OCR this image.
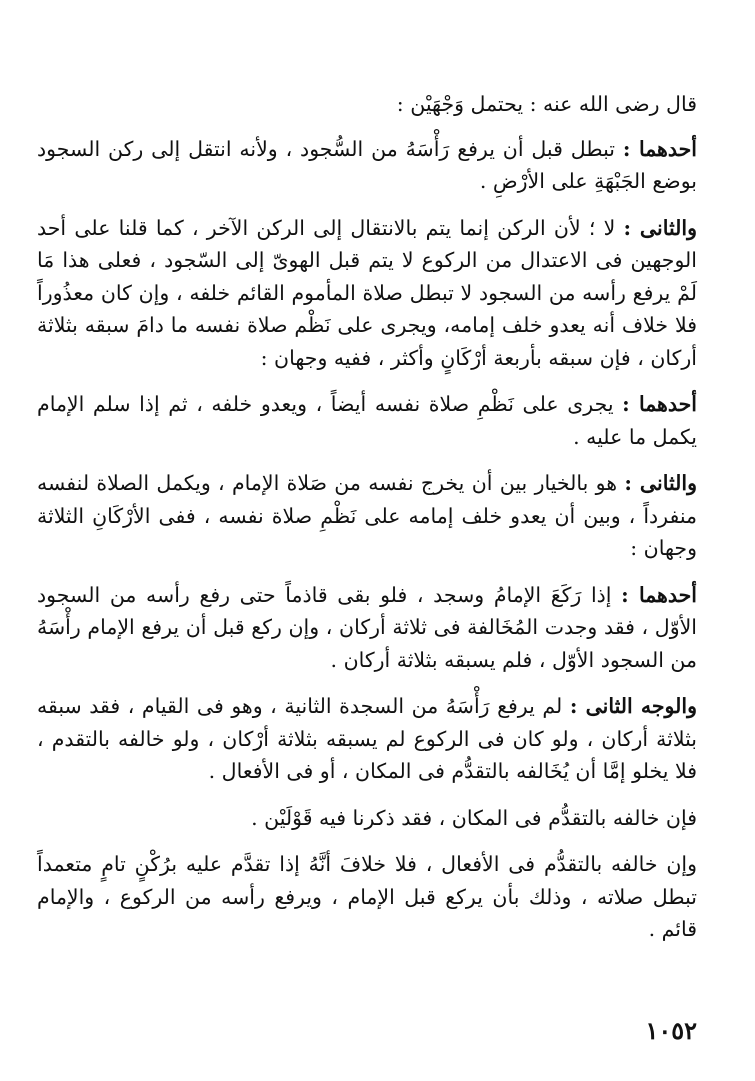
قال رضى الله عنه : يحتمل وَجْهَيْن :

أحدهما : تبطل قبل أن يرفع رَأْسَهُ من السُّجود ، ولأنه انتقل إلى ركن السجود بوضع الجَبْهَةِ على الأرْضِ .

والثانى : لا ؛ لأن الركن إنما يتم بالانتقال إلى الركن الآخر ، كما قلنا على أحد الوجهين فى الاعتدال من الركوع لا يتم قبل الهوىّ إلى السّجود ، فعلى هذا مَا لَمْ يرفع رأسه من السجود لا تبطل صلاة المأموم القائم خلفه ، وإن كان معذُوراً فلا خلاف أنه يعدو خلف إمامه، ويجرى على نَظْم صلاة نفسه ما دامَ سبقه بثلاثة أركان ، فإن سبقه بأربعة أرْكَانٍ وأكثر ، ففيه وجهان :

أحدهما : يجرى على نَظْمِ صلاة نفسه أيضاً ، ويعدو خلفه ، ثم إذا سلم الإمام يكمل ما عليه .

والثانى : هو بالخيار بين أن يخرج نفسه من صَلاة الإمام ، ويكمل الصلاة لنفسه منفرداً ، وبين أن يعدو خلف إمامه على نَظْمِ صلاة نفسه ، ففى الأرْكَانِ الثلاثة وجهان :

أحدهما : إذا رَكَعَ الإمامُ وسجد ، فلو بقى قاذماً حتى رفع رأسه من السجود الأوّل ، فقد وجدت المُخَالفة فى ثلاثة أركان ، وإن ركع قبل أن يرفع الإمام رأْسَهُ من السجود الأوّل ، فلم يسبقه بثلاثة أركان .

والوجه الثانى : لم يرفع رَأْسَهُ من السجدة الثانية ، وهو فى القيام ، فقد سبقه بثلاثة أركان ، ولو كان فى الركوع لم يسبقه بثلاثة أرْكان ، ولو خالفه بالتقدم ، فلا يخلو إمَّا أن يُخَالفه بالتقدُّم فى المكان ، أو فى الأفعال .

فإن خالفه بالتقدُّم فى المكان ، فقد ذكرنا فيه قَوْلَيْن .

وإن خالفه بالتقدُّم فى الأفعال ، فلا خلافَ أنَّهُ إذا تقدَّم عليه برُكْنٍ تامٍ متعمداً تبطل صلاته ، وذلك بأن يركع قبل الإمام ، ويرفع رأسه من الركوع ، والإمام قائم .

١٠٥٢
